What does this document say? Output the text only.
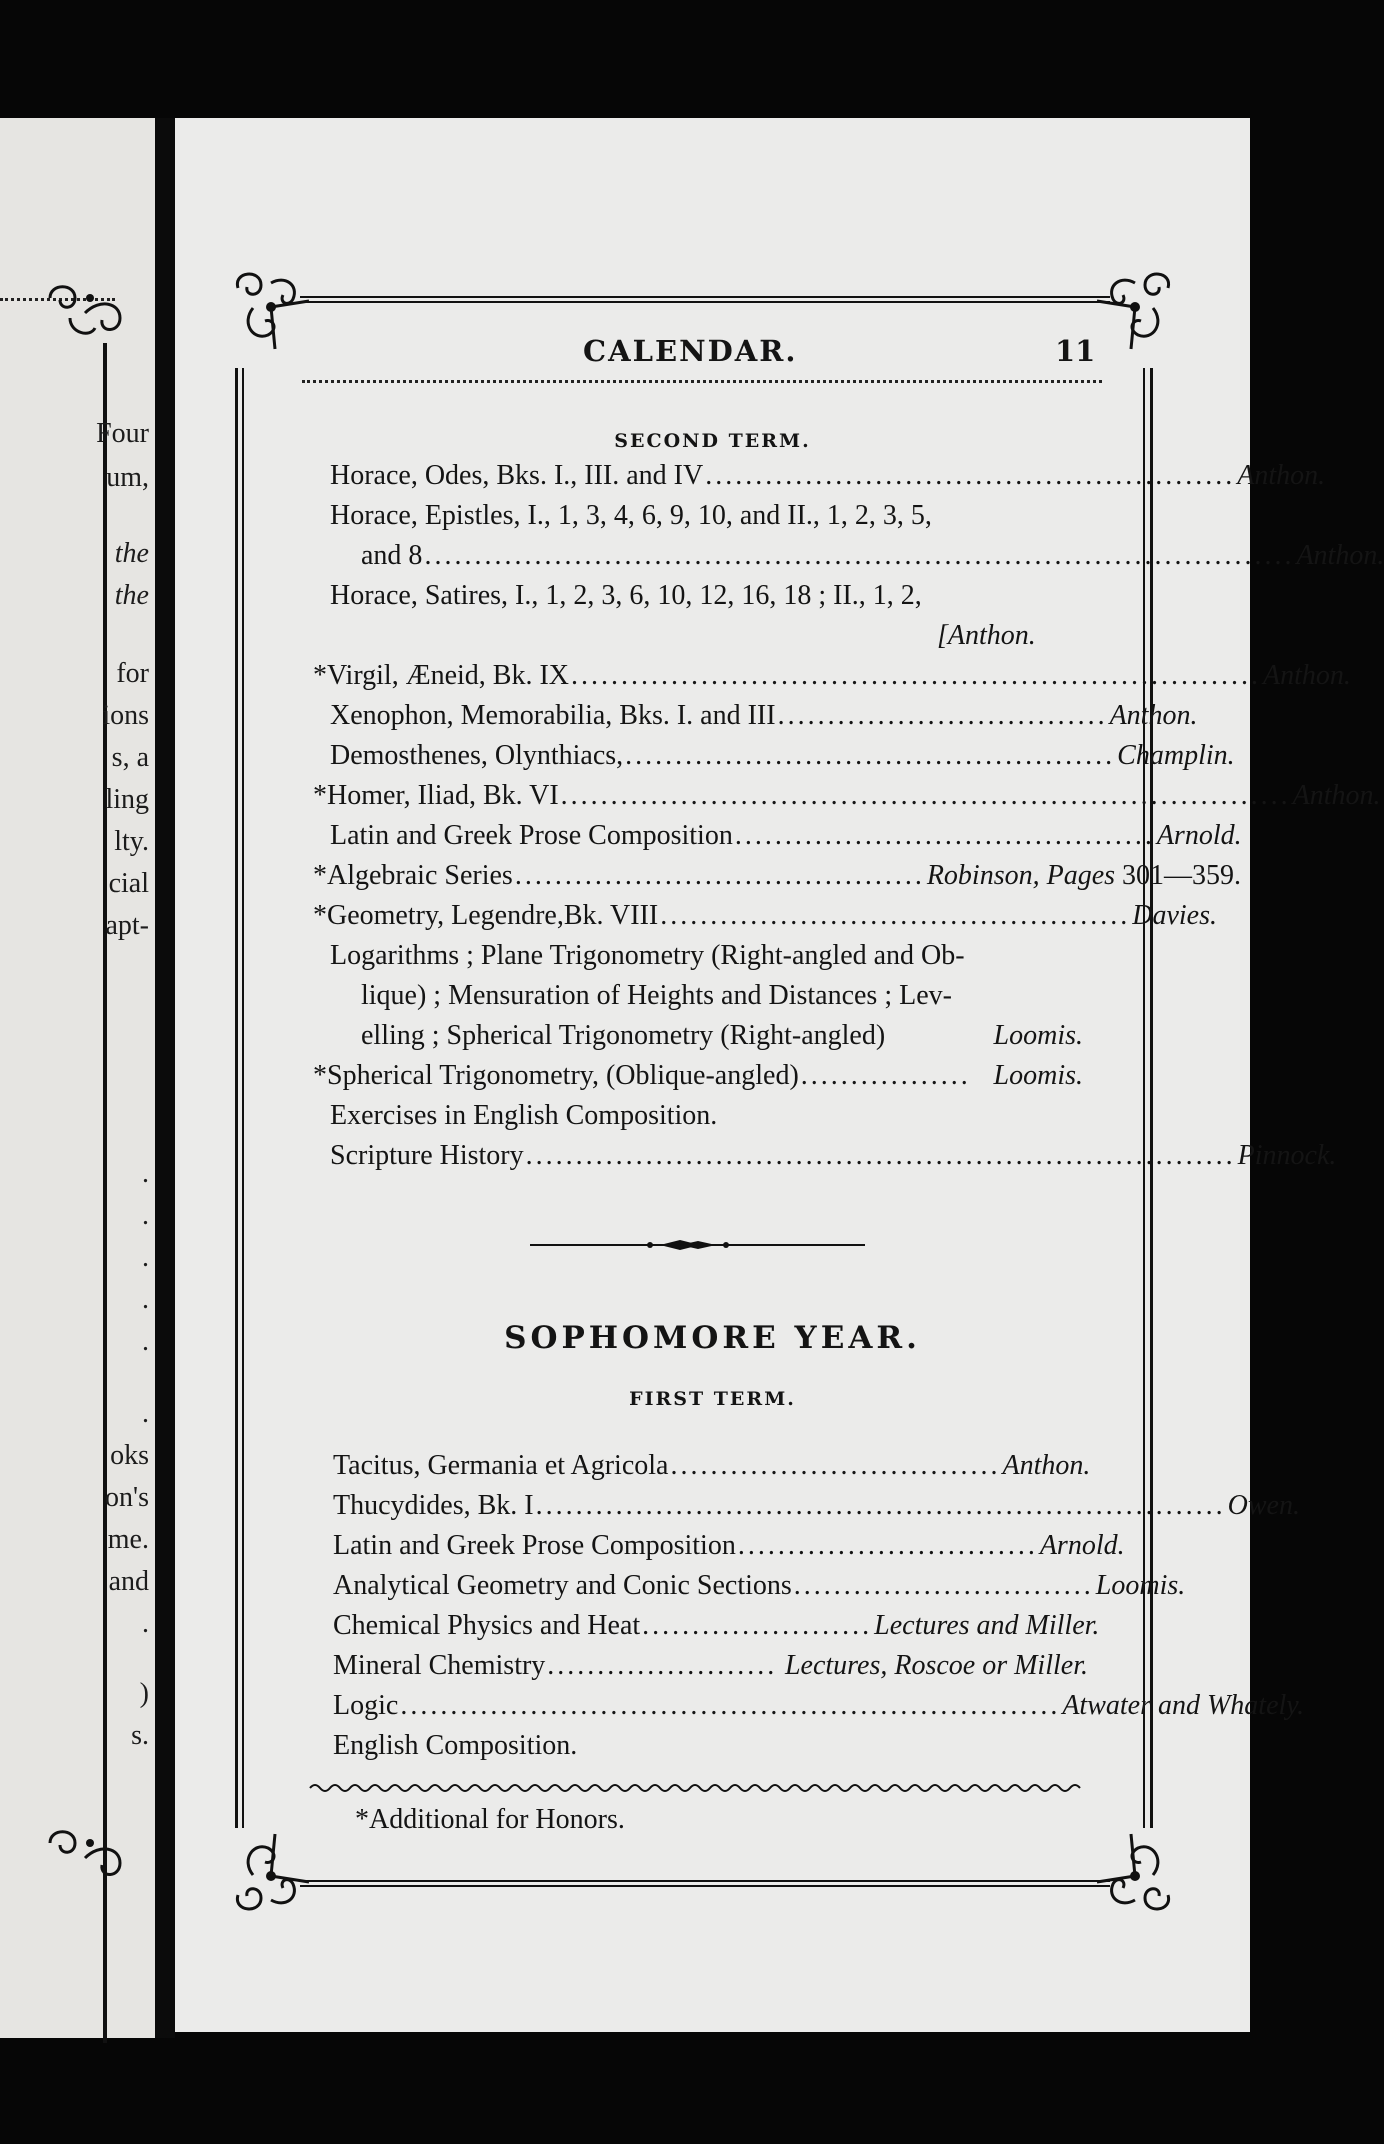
Four
um,
the
the
for
ions
s, a
ling
lty.
cial
apt-
.
.
.
.
.
.
oks
on's
me.
and
.
)
s.
CALENDAR.	11
SECOND TERM.
Horace, Odes, Bks. I., III. and IV ..................................................... Anthon.
Horace, Epistles, I., 1, 3, 4, 6, 9, 10, and II., 1, 2, 3, 5,
and 8 ....................................................................................... Anthon.
Horace, Satires, I., 1, 2, 3, 6, 10, 12, 16, 18 ; II., 1, 2,
[Anthon.
*Virgil, Æneid, Bk. IX ..................................................................... Anthon.
Xenophon, Memorabilia, Bks. I. and III ................................. Anthon.
Demosthenes, Olynthiacs, ................................................. Champlin.
*Homer, Iliad, Bk. VI ......................................................................... Anthon.
Latin and Greek Prose Composition .......................................... Arnold.
*Algebraic Series ......................................... Robinson, Pages 301—359.
*Geometry, Legendre,Bk. VIII ............................................... Davies.
Logarithms ; Plane Trigonometry (Right-angled and Ob-
lique) ; Mensuration of Heights and Distances ; Lev-
elling ; Spherical Trigonometry (Right-angled)	Loomis.
*Spherical Trigonometry, (Oblique-angled) ................. Loomis.
Exercises in English Composition.
Scripture History ....................................................................... Pinnock.
SOPHOMORE YEAR.
FIRST TERM.
Tacitus, Germania et Agricola ................................. Anthon.
Thucydides, Bk. I ..................................................................... Owen.
Latin and Greek Prose Composition .............................. Arnold.
Analytical Geometry and Conic Sections .............................. Loomis.
Chemical Physics and Heat ....................... Lectures and Miller.
Mineral Chemistry ....................... Lectures, Roscoe or Miller.
Logic .................................................................. Atwater and Whately.
English Composition.
*Additional for Honors.
